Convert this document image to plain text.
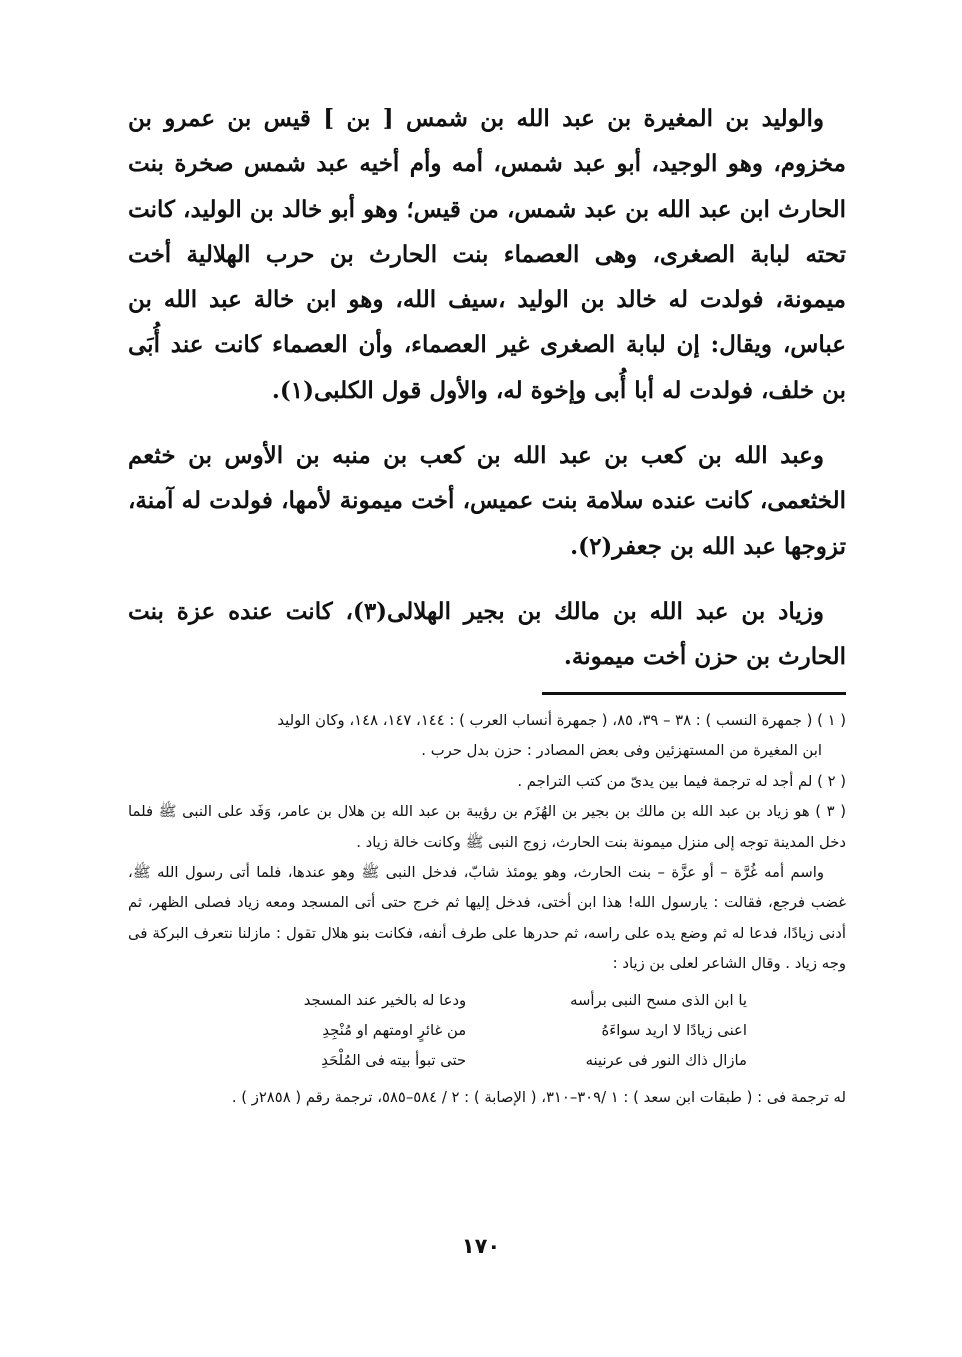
والوليد بن المغيرة بن عبد الله بن شمس [ بن ] قيس بن عمرو بن مخزوم، وهو الوجيد، أبو عبد شمس، أمه وأم أخيه عبد شمس صخرة بنت الحارث ابن عبد الله بن عبد شمس، من قيس؛ وهو أبو خالد بن الوليد، كانت تحته لبابة الصغرى، وهى العصماء بنت الحارث بن حرب الهلالية أخت ميمونة، فولدت له خالد بن الوليد ،سيف الله، وهو ابن خالة عبد الله بن عباس، ويقال: إن لبابة الصغرى غير العصماء، وأن العصماء كانت عند أُبَى بن خلف، فولدت له أبا أُبى وإخوة له، والأول قول الكلبى(١).

وعبد الله بن كعب بن عبد الله بن كعب بن منبه بن الأوس بن خثعم الخثعمى، كانت عنده سلامة بنت عميس، أخت ميمونة لأمها، فولدت له آمنة، تزوجها عبد الله بن جعفر(٢).

وزياد بن عبد الله بن مالك بن بجير الهلالى(٣)، كانت عنده عزة بنت الحارث بن حزن أخت ميمونة.

( ١ ) ( جمهرة النسب ) : ٣٨ – ٣٩، ٨٥، ( جمهرة أنساب العرب ) : ١٤٤، ١٤٧، ١٤٨، وكان الوليد
ابن المغيرة من المستهزئين وفى بعض المصادر : حزن بدل حرب .
( ٢ ) لم أجد له ترجمة فيما بين يدىّ من كتب التراجم .
( ٣ ) هو زياد بن عبد الله بن مالك بن بجير بن الهُزَم بن رؤيبة بن عبد الله بن هلال بن عامر، وَفَد على النبى ﷺ فلما دخل المدينة توجه إلى منزل ميمونة بنت الحارث، زوج النبى ﷺ وكانت خالة زياد .
واسم أمه غُرَّة – أو عزَّة – بنت الحارث، وهو يومئذ شابّ، فدخل النبى ﷺ وهو عندها، فلما أتى رسول الله ﷺ، غضب فرجع، فقالت : يارسول الله! هذا ابن أختى، فدخل إليها ثم خرج حتى أتى المسجد ومعه زياد فصلى الظهر، ثم أدنى زيادًا، فدعا له ثم وضع يده على راسه، ثم حدرها على طرف أنفه، فكانت بنو هلال تقول : مازلنا نتعرف البركة فى وجه زياد . وقال الشاعر لعلى بن زياد :
يا ابن الذى مسح النبى برأسه
ودعا له بالخير عند المسجد
اعنى زيادًا لا اريد سواءَهُ
من غائرٍ اومتهم او مُنْجِدِ
مازال ذاك النور فى عرنينه
حتى تبوأ بيته فى المُلْحَدِ
له ترجمة فى : ( طبقات ابن سعد ) : ١ /٣٠٩–٣١٠، ( الإصابة ) : ٢ / ٥٨٤–٥٨٥، ترجمة رقم ( ٢٨٥٨ز ) .
١٧٠
